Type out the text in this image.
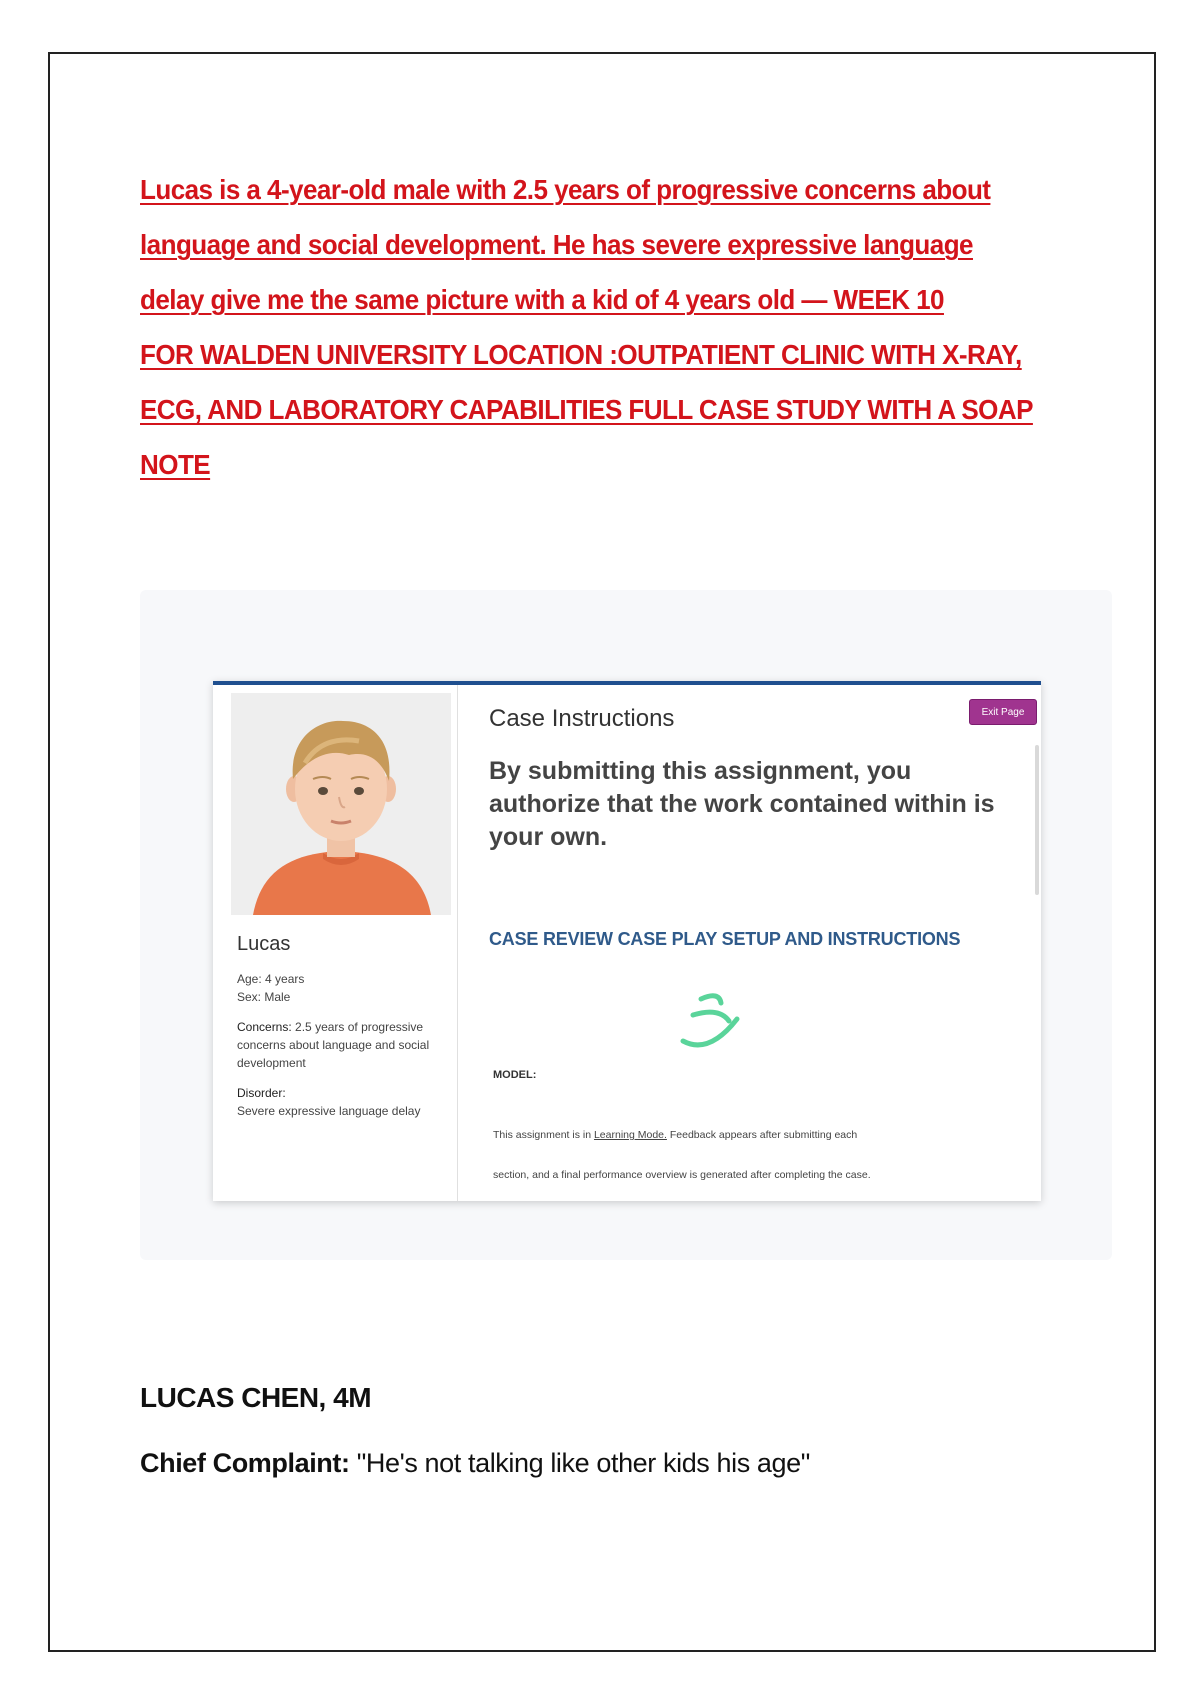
Lucas is a 4-year-old male with 2.5 years of progressive concerns about
language and social development. He has severe expressive language
delay give me the same picture with a kid of 4 years old — WEEK 10
FOR WALDEN UNIVERSITY LOCATION :OUTPATIENT CLINIC WITH X-RAY,
ECG, AND LABORATORY CAPABILITIES FULL CASE STUDY WITH A SOAP
NOTE
Lucas
Age: 4 years
Sex: Male
Concerns: 2.5 years of progressive concerns about language and social development
Disorder:
Severe expressive language delay
Case Instructions	Exit Page
By submitting this assignment, you authorize that the work contained within is your own.
CASE REVIEW CASE PLAY SETUP AND INSTRUCTIONS
MODEL:
This assignment is in Learning Mode. Feedback appears after submitting each
section, and a final performance overview is generated after completing the case.
LUCAS CHEN, 4M
Chief Complaint: "He's not talking like other kids his age"
